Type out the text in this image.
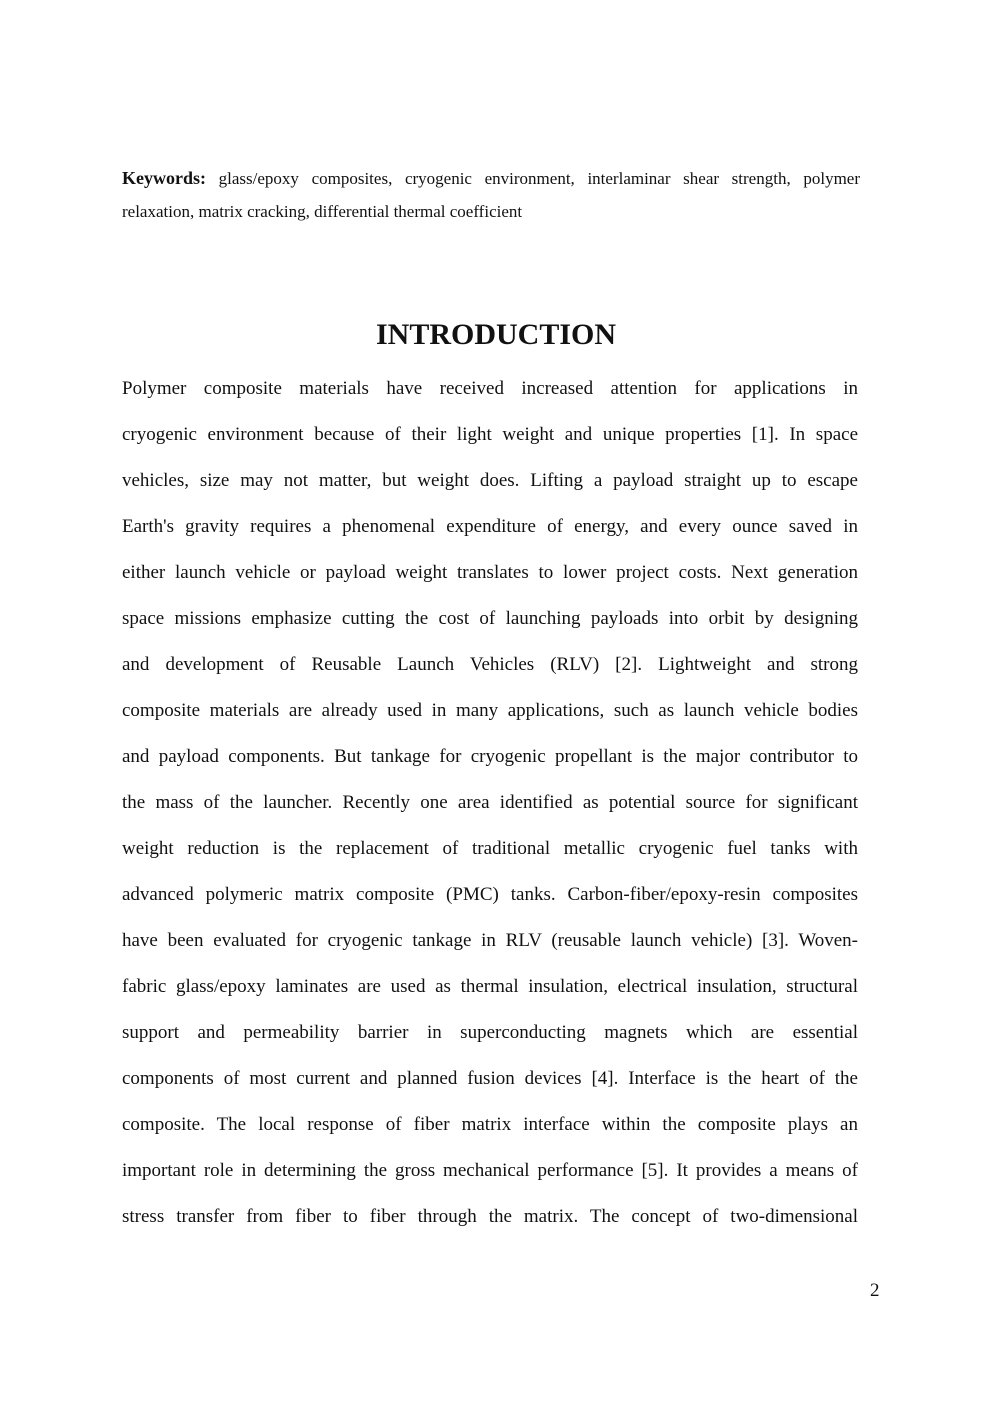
Keywords: glass/epoxy composites, cryogenic environment, interlaminar shear strength, polymer
relaxation, matrix cracking, differential thermal coefficient
INTRODUCTION
Polymer composite materials have received increased attention for applications in
cryogenic environment because of their light weight and unique properties [1]. In space
vehicles, size may not matter, but weight does. Lifting a payload straight up to escape
Earth's gravity requires a phenomenal expenditure of energy, and every ounce saved in
either launch vehicle or payload weight translates to lower project costs. Next generation
space missions emphasize cutting the cost of launching payloads into orbit by designing
and development of Reusable Launch Vehicles (RLV) [2]. Lightweight and strong
composite materials are already used in many applications, such as launch vehicle bodies
and payload components. But tankage for cryogenic propellant is the major contributor to
the mass of the launcher. Recently one area identified as potential source for significant
weight reduction is the replacement of traditional metallic cryogenic fuel tanks with
advanced polymeric matrix composite (PMC) tanks. Carbon-fiber/epoxy-resin composites
have been evaluated for cryogenic tankage in RLV (reusable launch vehicle) [3]. Woven-
fabric glass/epoxy laminates are used as thermal insulation, electrical insulation, structural
support and permeability barrier in superconducting magnets which are essential
components of most current and planned fusion devices [4]. Interface is the heart of the
composite. The local response of fiber matrix interface within the composite plays an
important role in determining the gross mechanical performance [5]. It provides a means of
stress transfer from fiber to fiber through the matrix. The concept of two-dimensional
2
